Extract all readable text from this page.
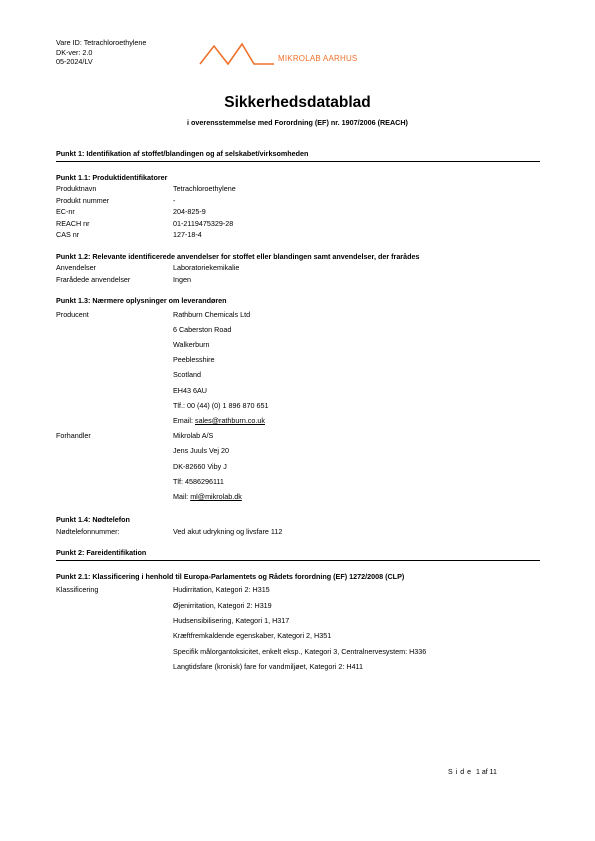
Vare ID: Tetrachloroethylene
DK-ver: 2.0
05-2024/LV	MIKROLAB AARHUS
Sikkerhedsdatablad
i overensstemmelse med Forordning (EF) nr. 1907/2006 (REACH)
Punkt 1: Identifikation af stoffet/blandingen og af selskabet/virksomheden
Punkt 1.1: Produktidentifikatorer
Produktnavn	Tetrachloroethylene
Produkt nummer	-
EC-nr	204-825-9
REACH nr	01-2119475329-28
CAS nr	127-18-4
Punkt 1.2: Relevante identificerede anvendelser for stoffet eller blandingen samt anvendelser, der frarådes
Anvendelser	Laboratoriekemikalie
Frarådede anvendelser	Ingen
Punkt 1.3: Nærmere oplysninger om leverandøren
Producent	Rathburn Chemicals Ltd
6 Caberston Road
Walkerburn
Peeblesshire
Scotland
EH43 6AU
Tlf.: 00 (44) (0) 1 896 870 651
Email: sales@rathburn.co.uk
Forhandler	Mikrolab A/S
Jens Juuls Vej 20
DK-82660 Viby J
Tlf: 4586296111
Mail: ml@mikrolab.dk
Punkt 1.4: Nødtelefon
Nødtelefonnummer:	Ved akut udrykning og livsfare 112
Punkt 2: Fareidentifikation
Punkt 2.1: Klassificering i henhold til Europa-Parlamentets og Rådets forordning (EF) 1272/2008 (CLP)
Klassificering	Hudirritation, Kategori 2: H315
Øjenirritation, Kategori 2: H319
Hudsensibilisering, Kategori 1, H317
Kræftfremkaldende egenskaber, Kategori 2, H351
Specifik målorgantoksicitet, enkelt eksp., Kategori 3, Centralnervesystem: H336
Langtidsfare (kronisk) fare for vandmiljøet, Kategori 2: H411
Side 1 af 11
